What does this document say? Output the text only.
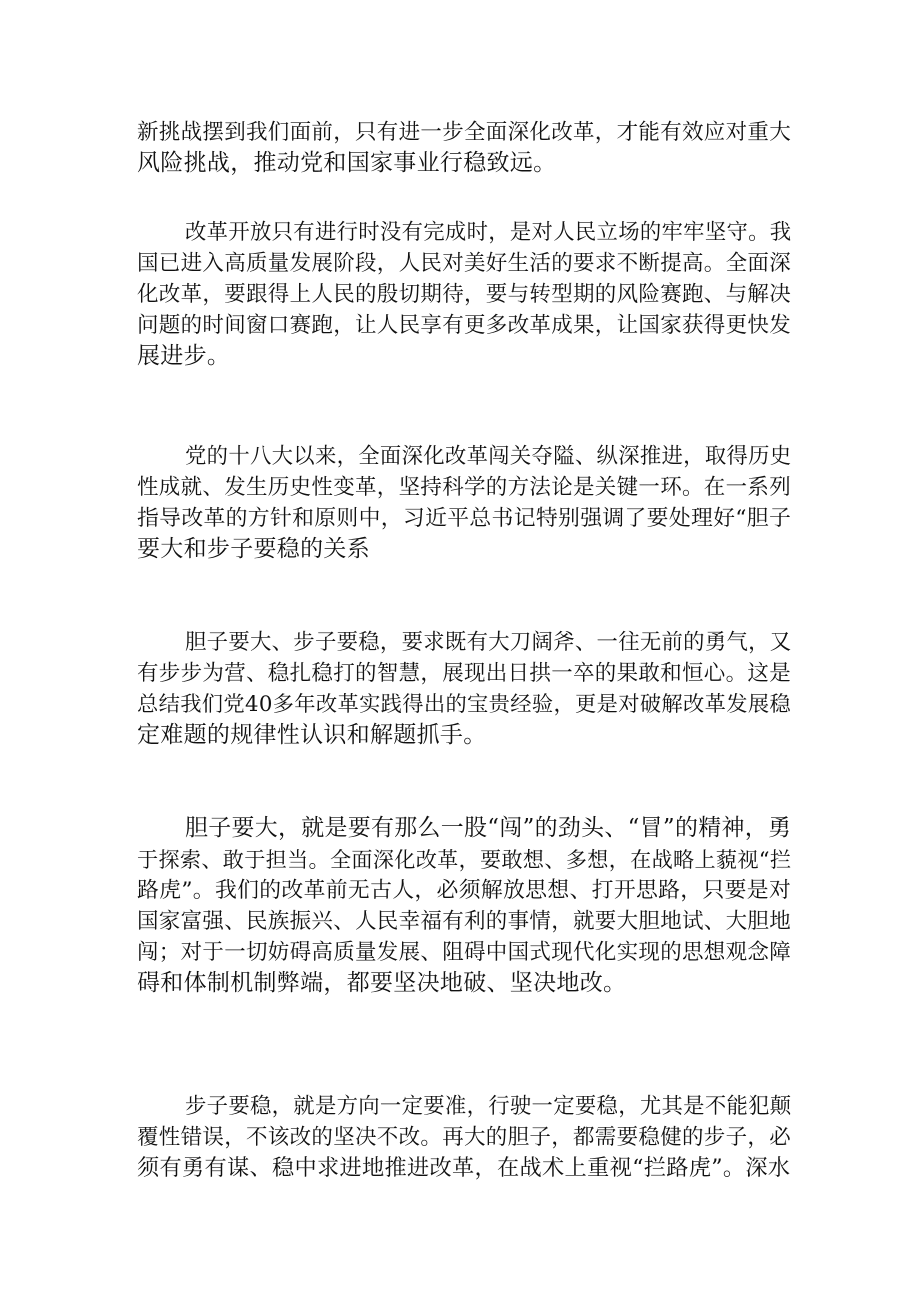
新挑战摆到我们面前，只有进一步全面深化改革，才能有效应对重大
风险挑战，推动党和国家事业行稳致远。
改革开放只有进行时没有完成时，是对人民立场的牢牢坚守。我
国已进入高质量发展阶段，人民对美好生活的要求不断提高。全面深
化改革，要跟得上人民的殷切期待，要与转型期的风险赛跑、与解决
问题的时间窗口赛跑，让人民享有更多改革成果，让国家获得更快发
展进步。
党的十八大以来，全面深化改革闯关夺隘、纵深推进，取得历史
性成就、发生历史性变革，坚持科学的方法论是关键一环。在一系列
指导改革的方针和原则中，习近平总书记特别强调了要处理好“胆子
要大和步子要稳的关系
胆子要大、步子要稳，要求既有大刀阔斧、一往无前的勇气，又
有步步为营、稳扎稳打的智慧，展现出日拱一卒的果敢和恒心。这是
总结我们党40多年改革实践得出的宝贵经验，更是对破解改革发展稳
定难题的规律性认识和解题抓手。
胆子要大，就是要有那么一股“闯”的劲头、“冒”的精神，勇
于探索、敢于担当。全面深化改革，要敢想、多想，在战略上藐视“拦
路虎”。我们的改革前无古人，必须解放思想、打开思路，只要是对
国家富强、民族振兴、人民幸福有利的事情，就要大胆地试、大胆地
闯；对于一切妨碍高质量发展、阻碍中国式现代化实现的思想观念障
碍和体制机制弊端，都要坚决地破、坚决地改。
步子要稳，就是方向一定要准，行驶一定要稳，尤其是不能犯颠
覆性错误，不该改的坚决不改。再大的胆子，都需要稳健的步子，必
须有勇有谋、稳中求进地推进改革，在战术上重视“拦路虎”。深水
